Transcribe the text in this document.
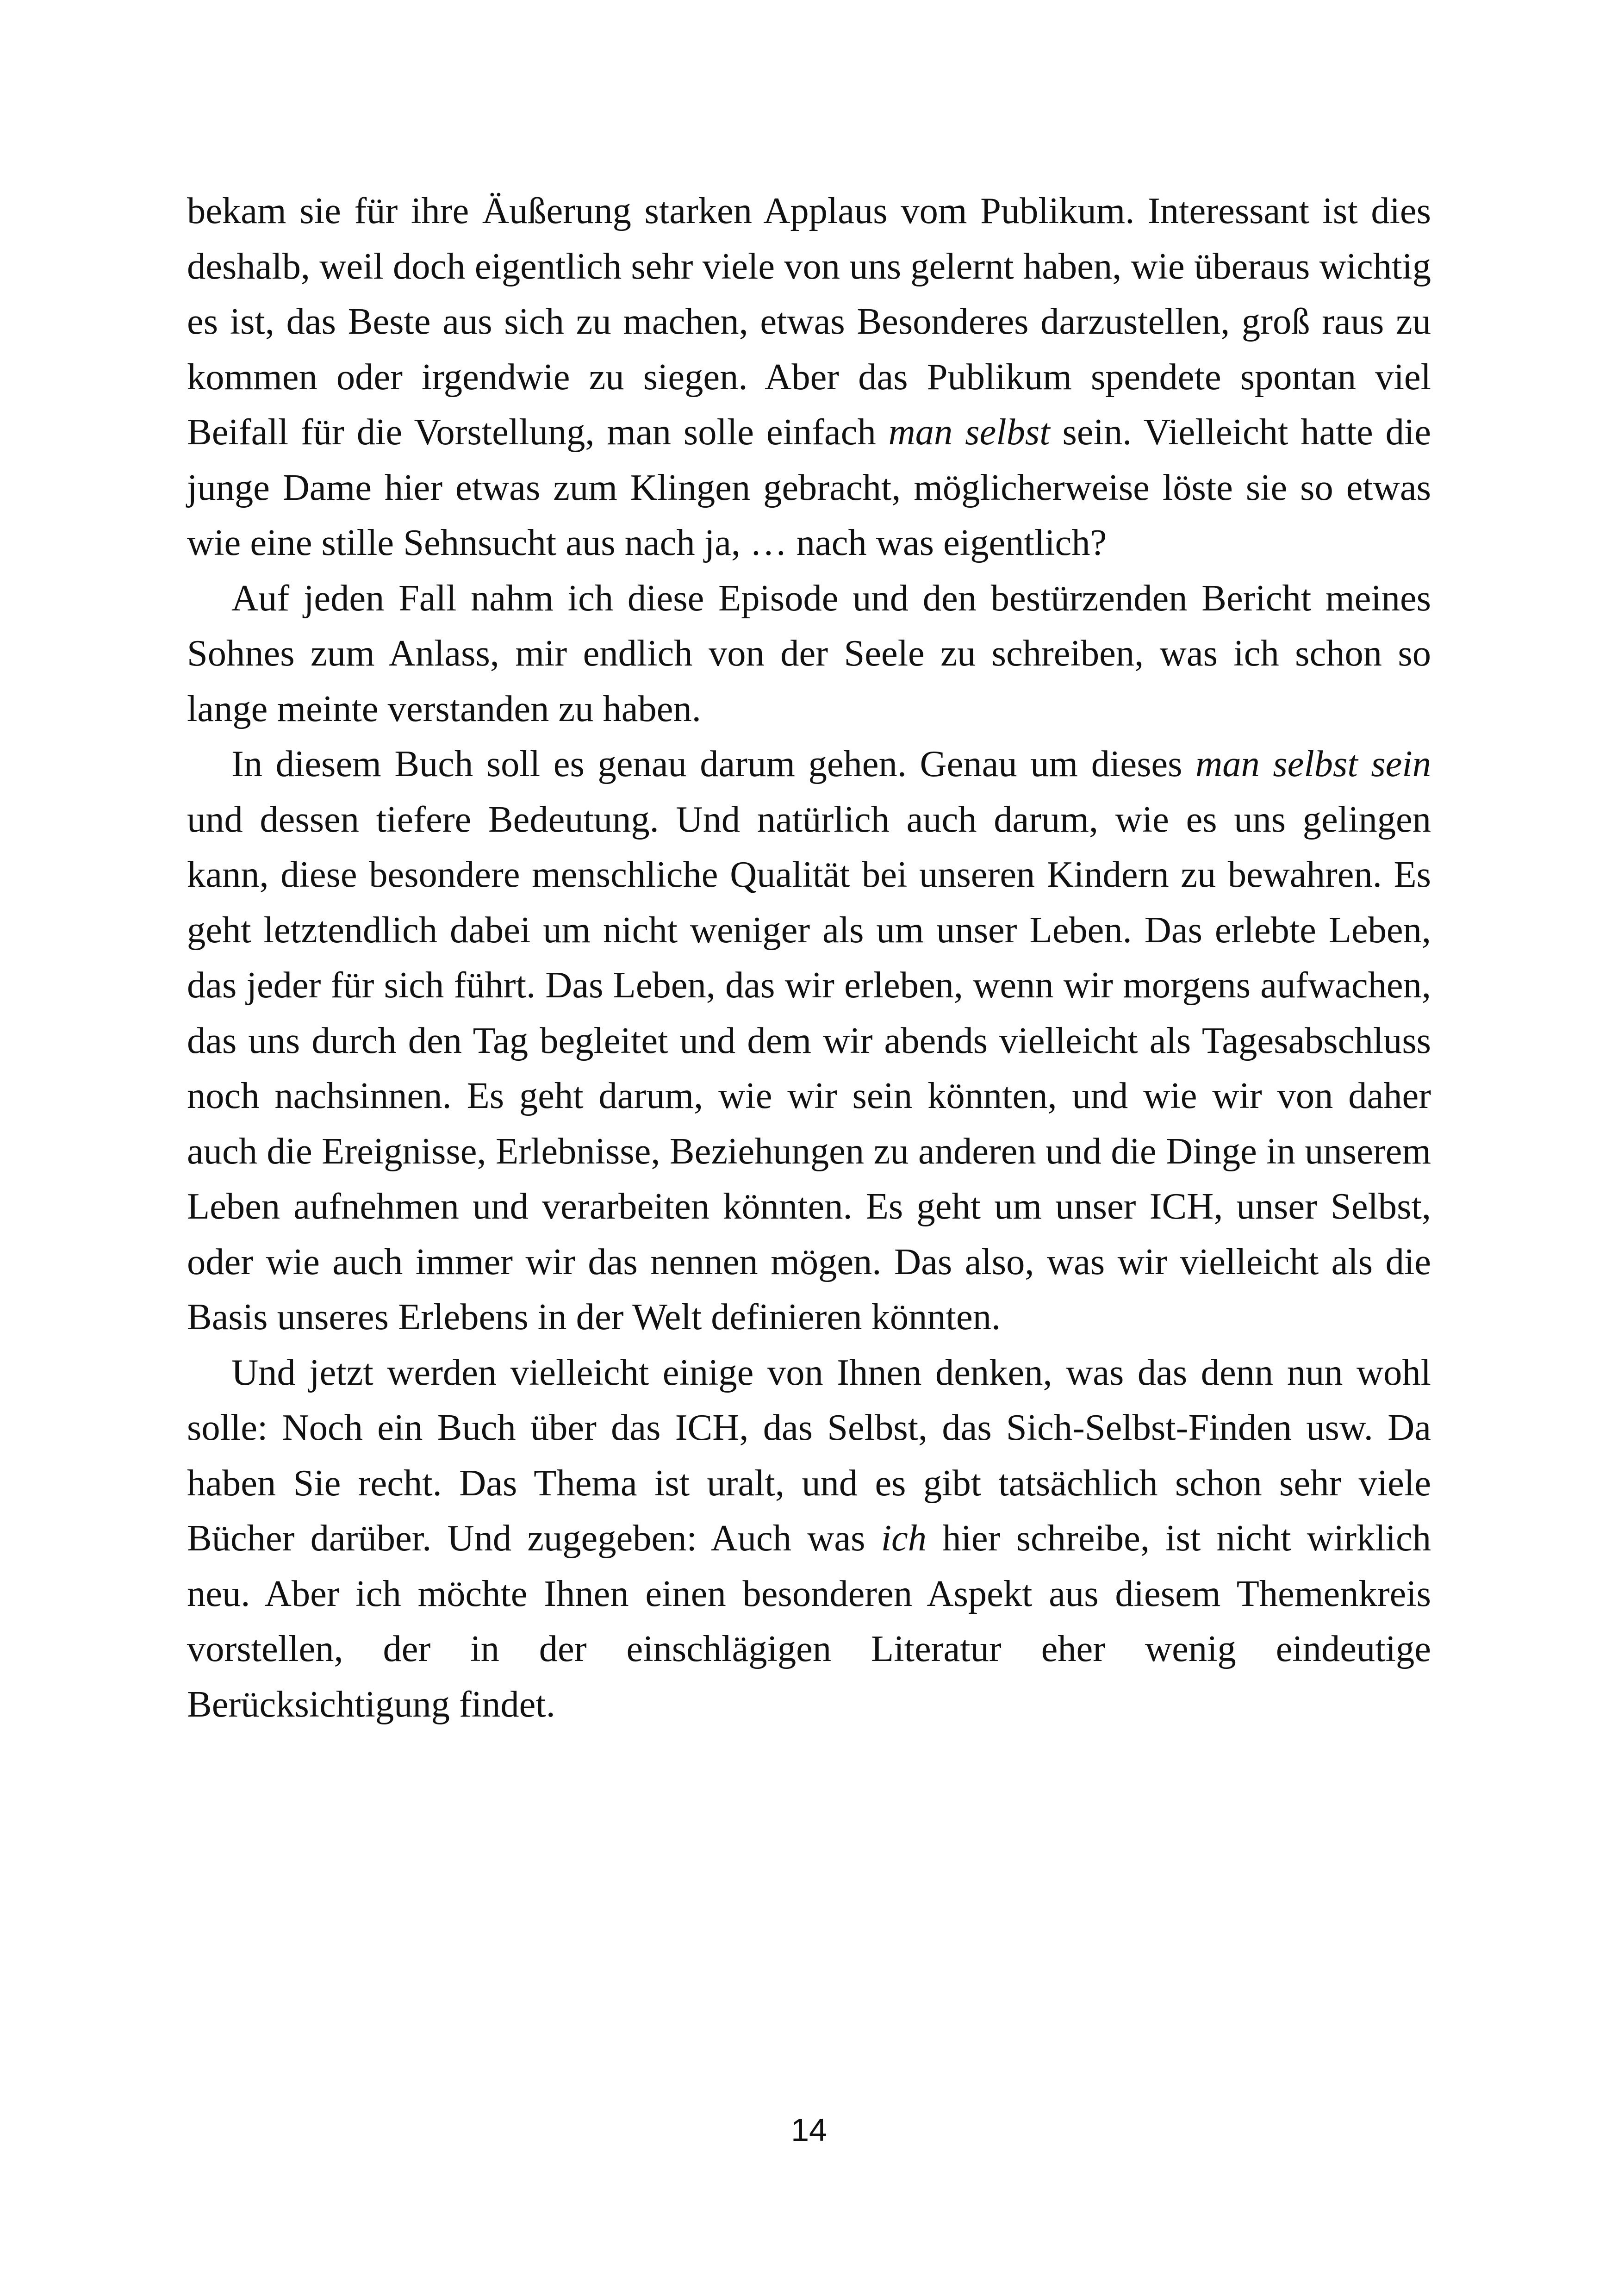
bekam sie für ihre Äußerung starken Applaus vom Publikum. Interessant ist dies deshalb, weil doch eigentlich sehr viele von uns gelernt haben, wie überaus wichtig es ist, das Beste aus sich zu machen, etwas Besonderes darzustellen, groß raus zu kommen oder irgendwie zu siegen. Aber das Publikum spendete spontan viel Beifall für die Vorstellung, man solle einfach man selbst sein. Vielleicht hatte die junge Dame hier etwas zum Klingen gebracht, möglicherweise löste sie so etwas wie eine stille Sehnsucht aus nach ja, … nach was eigentlich?

Auf jeden Fall nahm ich diese Episode und den bestürzenden Bericht meines Sohnes zum Anlass, mir endlich von der Seele zu schreiben, was ich schon so lange meinte verstanden zu haben.

In diesem Buch soll es genau darum gehen. Genau um dieses man selbst sein und dessen tiefere Bedeutung. Und natürlich auch darum, wie es uns gelingen kann, diese besondere menschliche Qualität bei unseren Kindern zu bewahren. Es geht letztendlich dabei um nicht weniger als um unser Leben. Das erlebte Leben, das jeder für sich führt. Das Leben, das wir erleben, wenn wir morgens aufwachen, das uns durch den Tag begleitet und dem wir abends vielleicht als Tagesabschluss noch nachsinnen. Es geht darum, wie wir sein könnten, und wie wir von daher auch die Ereignisse, Erlebnisse, Beziehungen zu anderen und die Dinge in unserem Leben aufnehmen und verarbeiten könnten. Es geht um unser ICH, unser Selbst, oder wie auch immer wir das nennen mögen. Das also, was wir vielleicht als die Basis unseres Erlebens in der Welt definieren könnten.

Und jetzt werden vielleicht einige von Ihnen denken, was das denn nun wohl solle: Noch ein Buch über das ICH, das Selbst, das Sich-Selbst-Finden usw. Da haben Sie recht. Das Thema ist uralt, und es gibt tatsächlich schon sehr viele Bücher darüber. Und zugegeben: Auch was ich hier schreibe, ist nicht wirklich neu. Aber ich möchte Ihnen einen besonderen Aspekt aus diesem Themenkreis vorstellen, der in der einschlägigen Literatur eher wenig eindeutige Berücksichtigung findet.

14
